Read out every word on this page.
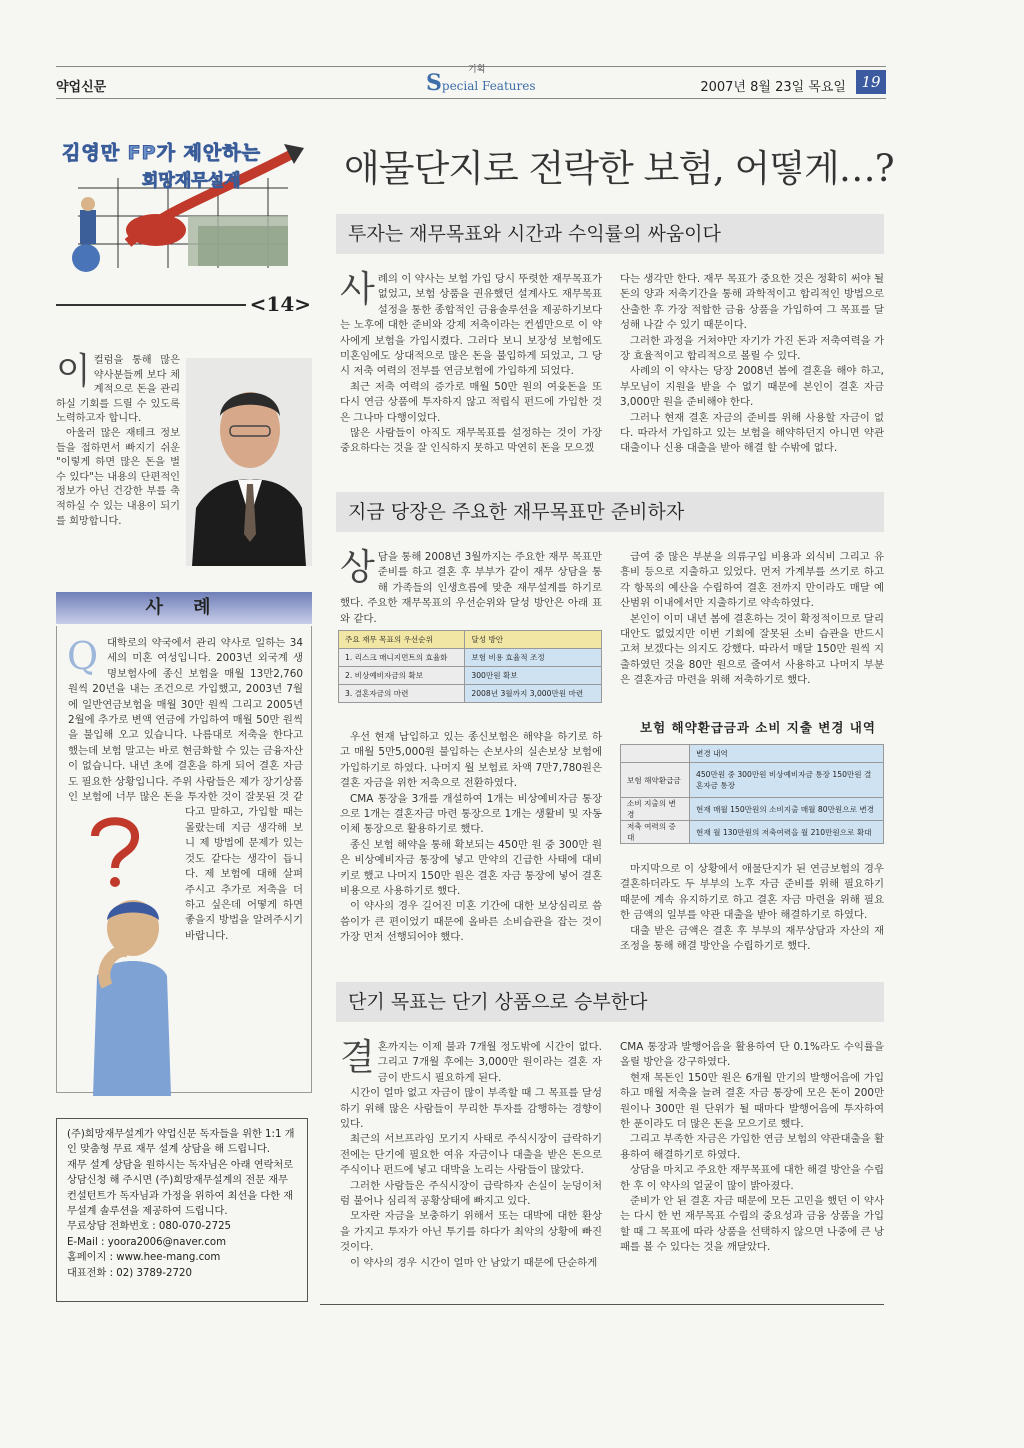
약업신문
기획
Special Features	2007년 8월 23일 목요일	19
김영만 FP가 제안하는
희망재무설계
<14>
애물단지로 전락한 보험, 어떻게…?

이컬럼을 통해 많은 약사분들께 보다 체계적으로 돈을 관리하실 기회를 드릴 수 있도록 노력하고자 합니다.

아울러 많은 재테크 정보들을 접하면서 빠지기 쉬운 "이렇게 하면 많은 돈을 벌 수 있다"는 내용의 단편적인 정보가 아닌 건강한 부를 축적하실 수 있는 내용이 되기를 희망합니다.

사 례
Q 대학로의 약국에서 관리 약사로 일하는 34세의 미혼 여성입니다. 2003년 외국계 생명보험사에 종신 보험을 매월 13만2,760원씩 20년을 내는 조건으로 가입했고, 2003년 7월에 일반연금보험을 매월 30만 원씩 그리고 2005년 2월에 추가로 변액 연금에 가입하여 매월 50만 원씩을 불입해 오고 있습니다. 나름대로 저축을 한다고 했는데 보험 말고는 바로 현금화할 수 있는 금융자산이 없습니다. 내년 초에 결혼을 하게 되어 결혼 자금도 필요한 상황입니다. 주위 사람들은 제가 장기상품인 보험에 너무 많은 돈을 투자한 것이 잘못된 것 같다고 말하고, 가입할 때는 몰랐는데 지금 생각해 보니 제 방법에 문제가 있는 것도 같다는 생각이 듭니다. 제 보험에 대해 살펴 주시고 추가로 저축을 더 하고 싶은데 어떻게 하면 좋을지 방법을 알려주시기 바랍니다.
(주)희망재무설계가 약업신문 독자들을 위한 1:1 개인 맞춤형 무료 재무 설계 상담을 해 드립니다.
재무 설계 상담을 원하시는 독자님은 아래 연락처로 상담신청 해 주시면 (주)희망재무설계의 전문 재무컨설턴트가 독자님과 가정을 위하여 최선을 다한 재무설계 솔루션을 제공하여 드립니다.
무료상담 전화번호 : 080-070-2725
E-Mail : yoora2006@naver.com
홈페이지 : www.hee-mang.com
대표전화 : 02) 3789-2720
투자는 재무목표와 시간과 수익률의 싸움이다

사례의 이 약사는 보험 가입 당시 뚜렷한 재무목표가 없었고, 보험 상품을 권유했던 설계사도 재무목표 설정을 통한 종합적인 금융솔루션을 제공하기보다는 노후에 대한 준비와 강제 저축이라는 컨셉만으로 이 약사에게 보험을 가입시켰다. 그러다 보니 보장성 보험에도 미혼임에도 상대적으로 많은 돈을 불입하게 되었고, 그 당시 저축 여력의 전부를 연금보험에 가입하게 되었다.

최근 저축 여력의 증가로 매월 50만 원의 여윳돈을 또 다시 연금 상품에 투자하지 않고 적립식 펀드에 가입한 것은 그나마 다행이었다.

많은 사람들이 아직도 재무목표를 설정하는 것이 가장 중요하다는 것을 잘 인식하지 못하고 막연히 돈을 모으겠

다는 생각만 한다. 재무 목표가 중요한 것은 정확히 써야 될 돈의 양과 저축기간을 통해 과학적이고 합리적인 방법으로 산출한 후 가장 적합한 금융 상품을 가입하여 그 목표를 달성해 나갈 수 있기 때문이다.

그러한 과정을 거쳐야만 자기가 가진 돈과 저축여력을 가장 효율적이고 합리적으로 볼릴 수 있다.

사례의 이 약사는 당장 2008년 봄에 결혼을 해야 하고, 부모님이 지원을 받을 수 없기 때문에 본인이 결혼 자금 3,000만 원을 준비해야 한다.

그러나 현재 결혼 자금의 준비를 위해 사용할 자금이 없다. 따라서 가입하고 있는 보험을 해약하던지 아니면 약관대출이나 신용 대출을 받아 해결 할 수밖에 없다.

지금 당장은 주요한 재무목표만 준비하자

상담을 통해 2008년 3월까지는 주요한 재무 목표만 준비를 하고 결혼 후 부부가 같이 재무 상담을 통해 가족들의 인생흐름에 맞춘 재무설계를 하기로 했다. 주요한 재무목표의 우선순위와 달성 방안은 아래 표와 같다.

주요 재무 목표의 우선순위	달성 방안
1. 리스크 매니지먼트의 효율화	보험 비용 효율적 조정
2. 비상예비자금의 확보	300만원 확보
3. 결혼자금의 마련	2008년 3월까지 3,000만원 마련

우선 현재 납입하고 있는 종신보험은 해약을 하기로 하고 매월 5만5,000원 불입하는 손보사의 실손보상 보험에 가입하기로 하였다. 나머지 월 보험료 차액 7만7,780원은 결혼 자금을 위한 저축으로 전환하였다.

CMA 통장을 3개를 개설하여 1개는 비상예비자금 통장으로 1개는 결혼자금 마련 통장으로 1개는 생활비 및 자동이체 통장으로 활용하기로 했다.

종신 보험 해약을 통해 확보되는 450만 원 중 300만 원은 비상예비자금 통장에 넣고 만약의 긴급한 사태에 대비키로 했고 나머지 150만 원은 결혼 자금 통장에 넣어 결혼 비용으로 사용하기로 했다.

이 약사의 경우 길어진 미혼 기간에 대한 보상심리로 씀씀이가 큰 편이었기 때문에 올바른 소비습관을 잡는 것이 가장 먼저 선행되어야 했다.

급여 중 많은 부분을 의류구입 비용과 외식비 그리고 유흥비 등으로 지출하고 있었다. 먼저 가계부를 쓰기로 하고 각 항목의 예산을 수립하여 결혼 전까지 만이라도 매달 예산범위 이내에서만 지출하기로 약속하였다.

본인이 이미 내년 봄에 결혼하는 것이 확정적이므로 달리 대안도 없었지만 이번 기회에 잘못된 소비 습관을 반드시 고쳐 보겠다는 의지도 강했다. 따라서 매달 150만 원씩 지출하였던 것을 80만 원으로 줄여서 사용하고 나머지 부분은 결혼자금 마련을 위해 저축하기로 했다.

보험 해약환급금과 소비 지출 변경 내역
	변경 내역
보험 해약환급금	450만원 중 300만원 비상예비자금 통장 150만원 결혼자금 통장
소비 지출의 변경	현재 매월 150만원의 소비지출 매월 80만원으로 변경
저축 여력의 증대	현재 월 130만원의 저축여력을 월 210만원으로 확대

마지막으로 이 상황에서 애물단지가 된 연금보험의 경우 결혼하더라도 두 부부의 노후 자금 준비를 위해 필요하기 때문에 계속 유지하기로 하고 결혼 자금 마련을 위해 필요한 금액의 일부를 약관 대출을 받아 해결하기로 하였다.

대출 받은 금액은 결혼 후 부부의 재무상담과 자산의 재조정을 통해 해결 방안을 수립하기로 했다.

단기 목표는 단기 상품으로 승부한다

결혼까지는 이제 불과 7개월 정도밖에 시간이 없다. 그리고 7개월 후에는 3,000만 원이라는 결혼 자금이 반드시 필요하게 된다.

시간이 얼마 없고 자금이 많이 부족할 때 그 목표를 달성하기 위해 많은 사람들이 무리한 투자를 감행하는 경향이 있다.

최근의 서브프라임 모기지 사태로 주식시장이 급락하기 전에는 단기에 필요한 여유 자금이나 대출을 받은 돈으로 주식이나 펀드에 넣고 대박을 노리는 사람들이 많았다.

그러한 사람들은 주식시장이 급락하자 손실이 눈덩이처럼 불어나 심리적 공황상태에 빠지고 있다.

모자란 자금을 보충하기 위해서 또는 대박에 대한 환상을 가지고 투자가 아닌 투기를 하다가 최악의 상황에 빠진 것이다.

이 약사의 경우 시간이 얼마 안 남았기 때문에 단순하게

CMA 통장과 발행어음을 활용하여 단 0.1%라도 수익률을 올릴 방안을 강구하였다.

현재 목돈인 150만 원은 6개월 만기의 발행어음에 가입하고 매월 저축을 늘려 결혼 자금 통장에 모은 돈이 200만 원이나 300만 원 단위가 될 때마다 발행어음에 투자하여 한 푼이라도 더 많은 돈을 모으기로 했다.

그리고 부족한 자금은 가입한 연금 보험의 약관대출을 활용하여 해결하기로 하였다.

상담을 마치고 주요한 재무목표에 대한 해결 방안을 수립한 후 이 약사의 얼굴이 많이 밝아졌다.

준비가 안 된 결혼 자금 때문에 모든 고민을 했던 이 약사는 다시 한 번 재무목표 수립의 중요성과 금융 상품을 가입할 때 그 목표에 따라 상품을 선택하지 않으면 나중에 큰 낭패를 볼 수 있다는 것을 깨달았다.
